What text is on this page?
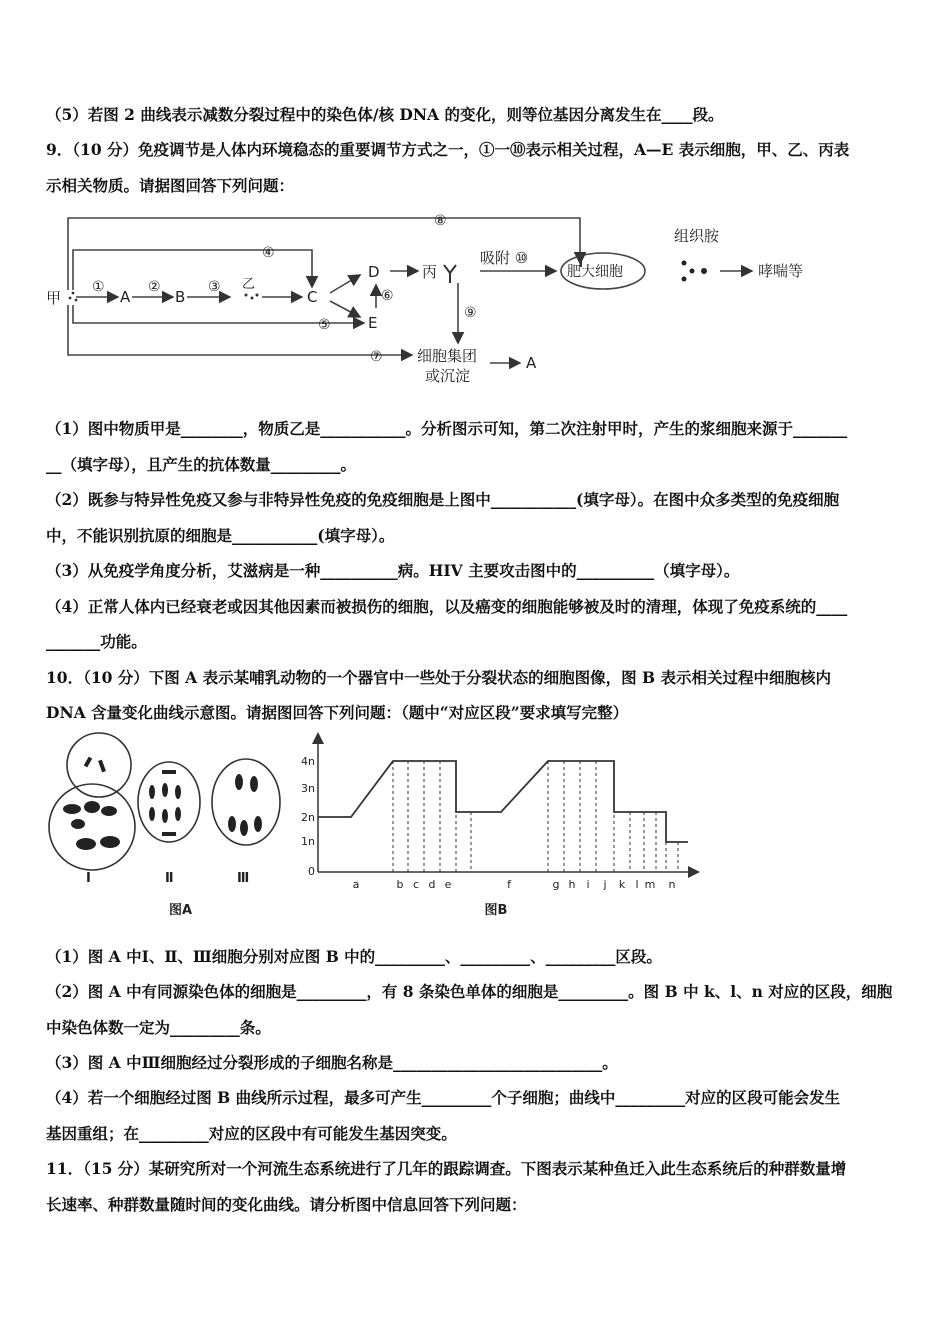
（5）若图 2 曲线表示减数分裂过程中的染色体/核 DNA 的变化，则等位基因分离发生在____段。
9．（10 分）免疫调节是人体内环境稳态的重要调节方式之一，①一⑩表示相关过程，A—E 表示细胞，甲、乙、丙表
示相关物质。请据图回答下列问题：
甲	A	B
乙
C
D
E
丙
吸附 ⑩
肥大细胞
组织胺
哮喘等
细胞集团
或沉淀
A
①	②	③
④
⑤
⑥
⑦
⑧
⑨
（1）图中物质甲是________，物质乙是___________。分析图示可知，第二次注射甲时，产生的浆细胞来源于_______
__（填字母），且产生的抗体数量_________。
（2）既参与特异性免疫又参与非特异性免疫的免疫细胞是上图中___________(填字母）。在图中众多类型的免疫细胞
中，不能识别抗原的细胞是___________(填字母）。
（3）从免疫学角度分析，艾滋病是一种__________病。HIV 主要攻击图中的__________（填字母）。
（4）正常人体内已经衰老或因其他因素而被损伤的细胞，以及癌变的细胞能够被及时的清理，体现了免疫系统的____
_______功能。
10．（10 分）下图 A 表示某哺乳动物的一个器官中一些处于分裂状态的细胞图像，图 B 表示相关过程中细胞核内
DNA 含量变化曲线示意图。请据图回答下列问题：（题中“对应区段”要求填写完整）
Ⅰ	Ⅱ	Ⅲ
图A
4n
3n
2n
1n
0
a	b c d e	f	g h i j k l m n
图B
（1）图 A 中Ⅰ、Ⅱ、Ⅲ细胞分别对应图 B 中的_________、_________、_________区段。
（2）图 A 中有同源染色体的细胞是_________，有 8 条染色单体的细胞是_________。图 B 中 k、l、n 对应的区段，细胞
中染色体数一定为_________条。
（3）图 A 中Ⅲ细胞经过分裂形成的子细胞名称是___________________________。
（4）若一个细胞经过图 B 曲线所示过程，最多可产生_________个子细胞；曲线中_________对应的区段可能会发生
基因重组；在_________对应的区段中有可能发生基因突变。
11．（15 分）某研究所对一个河流生态系统进行了几年的跟踪调查。下图表示某种鱼迁入此生态系统后的种群数量增
长速率、种群数量随时间的变化曲线。请分析图中信息回答下列问题：
